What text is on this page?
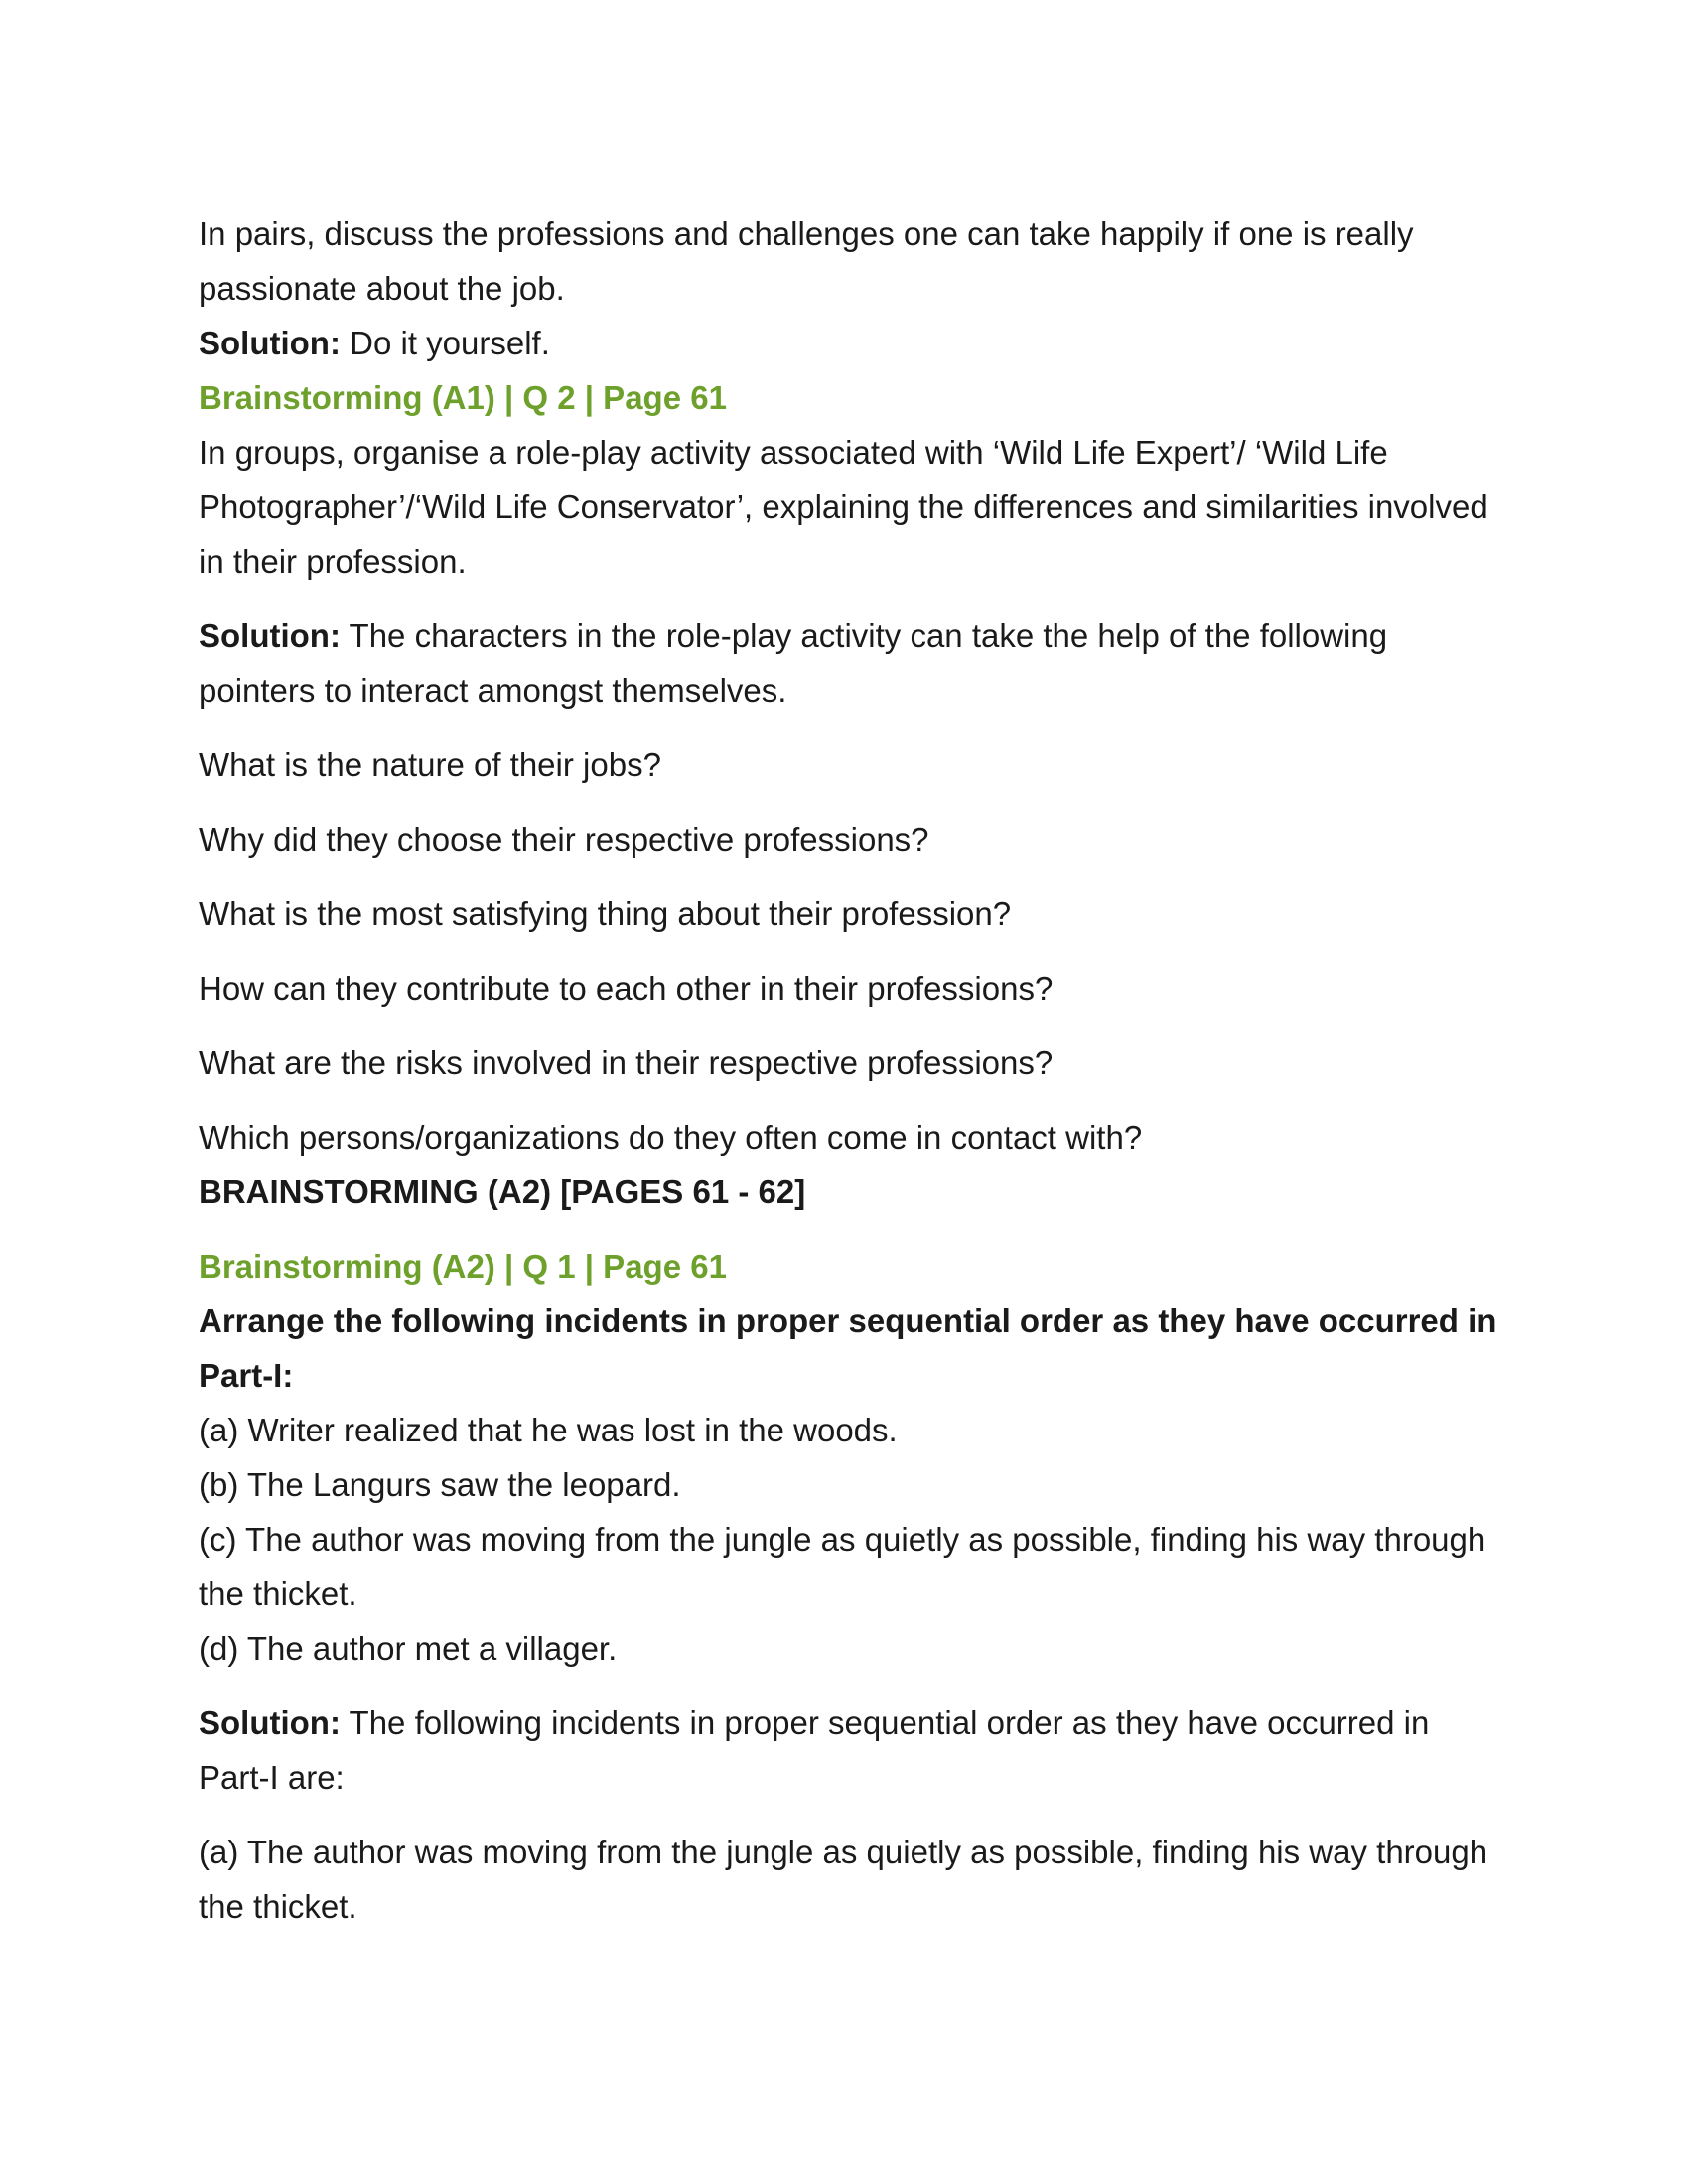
In pairs, discuss the professions and challenges one can take happily if one is really passionate about the job.

Solution: Do it yourself.

Brainstorming (A1) | Q 2 | Page 61

In groups, organise a role-play activity associated with ‘Wild Life Expert’/ ‘Wild Life Photographer’/‘Wild Life Conservator’, explaining the differences and similarities involved in their profession.

Solution: The characters in the role-play activity can take the help of the following pointers to interact amongst themselves.

What is the nature of their jobs?

Why did they choose their respective professions?

What is the most satisfying thing about their profession?

How can they contribute to each other in their professions?

What are the risks involved in their respective professions?

Which persons/organizations do they often come in contact with?

BRAINSTORMING (A2) [PAGES 61 - 62]

Brainstorming (A2) | Q 1 | Page 61

Arrange the following incidents in proper sequential order as they have occurred in Part-I:

(a) Writer realized that he was lost in the woods.

(b) The Langurs saw the leopard.

(c) The author was moving from the jungle as quietly as possible, finding his way through the thicket.

(d) The author met a villager.

Solution: The following incidents in proper sequential order as they have occurred in Part-I are:

(a) The author was moving from the jungle as quietly as possible, finding his way through the thicket.
